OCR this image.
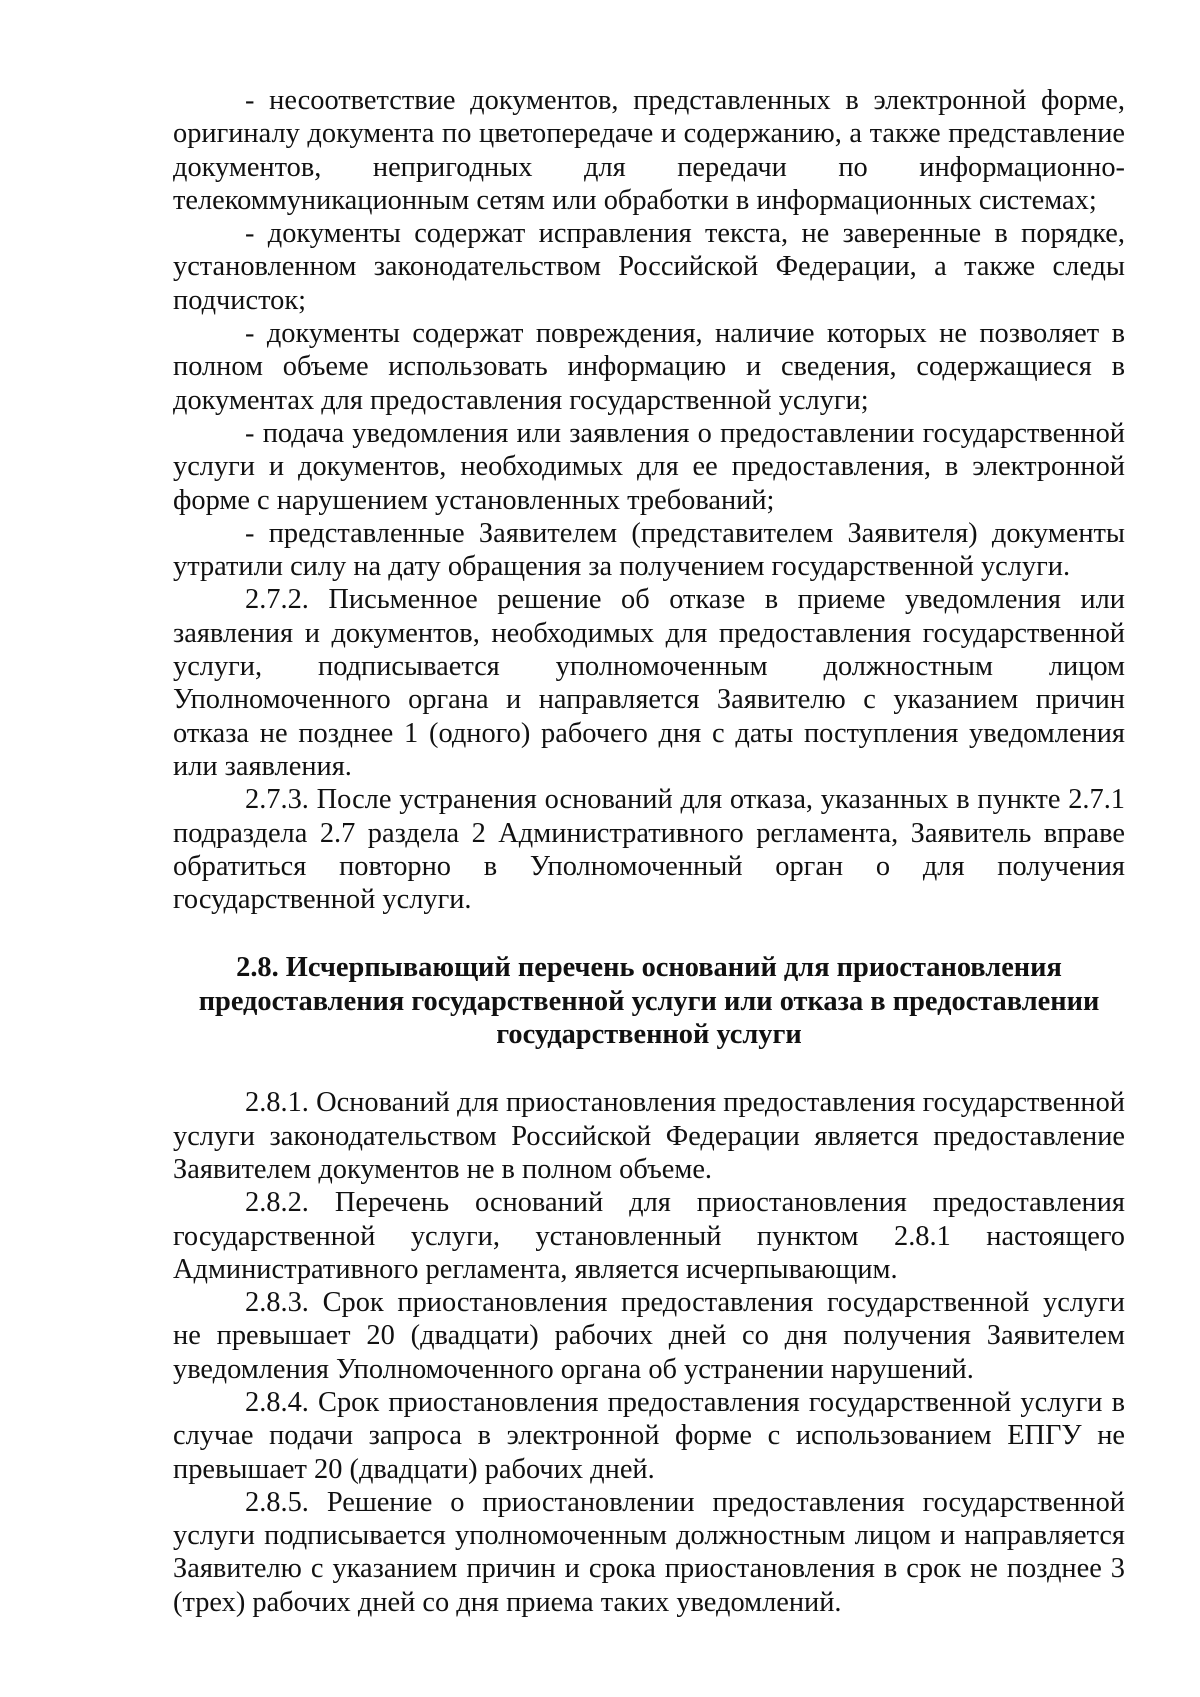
- несоответствие документов, представленных в электронной форме, оригиналу документа по цветопередаче и содержанию, а также представление документов, непригодных для передачи по информационно-телекоммуникационным сетям или обработки в информационных системах;

- документы содержат исправления текста, не заверенные в порядке, установленном законодательством Российской Федерации, а также следы подчисток;

- документы содержат повреждения, наличие которых не позволяет в полном объеме использовать информацию и сведения, содержащиеся в документах для предоставления государственной услуги;

- подача уведомления или заявления о предоставлении государственной услуги и документов, необходимых для ее предоставления, в электронной форме с нарушением установленных требований;

- представленные Заявителем (представителем Заявителя) документы утратили силу на дату обращения за получением государственной услуги.

2.7.2. Письменное решение об отказе в приеме уведомления или заявления и документов, необходимых для предоставления государственной услуги, подписывается уполномоченным должностным лицом Уполномоченного органа и направляется Заявителю с указанием причин отказа не позднее 1 (одного) рабочего дня с даты поступления уведомления или заявления.

2.7.3. После устранения оснований для отказа, указанных в пункте 2.7.1 подраздела 2.7 раздела 2 Административного регламента, Заявитель вправе обратиться повторно в Уполномоченный орган о для получения государственной услуги.

2.8. Исчерпывающий перечень оснований для приостановления предоставления государственной услуги или отказа в предоставлении государственной услуги

2.8.1. Оснований для приостановления предоставления государственной услуги законодательством Российской Федерации является предоставление Заявителем документов не в полном объеме.

2.8.2. Перечень оснований для приостановления предоставления государственной услуги, установленный пунктом 2.8.1 настоящего Административного регламента, является исчерпывающим.

2.8.3. Срок приостановления предоставления государственной услуги не превышает 20 (двадцати) рабочих дней со дня получения Заявителем уведомления Уполномоченного органа об устранении нарушений.

2.8.4. Срок приостановления предоставления государственной услуги в случае подачи запроса в электронной форме с использованием ЕПГУ не превышает 20 (двадцати) рабочих дней.

2.8.5. Решение о приостановлении предоставления государственной услуги подписывается уполномоченным должностным лицом и направляется Заявителю с указанием причин и срока приостановления в срок не позднее 3 (трех) рабочих дней со дня приема таких уведомлений.
